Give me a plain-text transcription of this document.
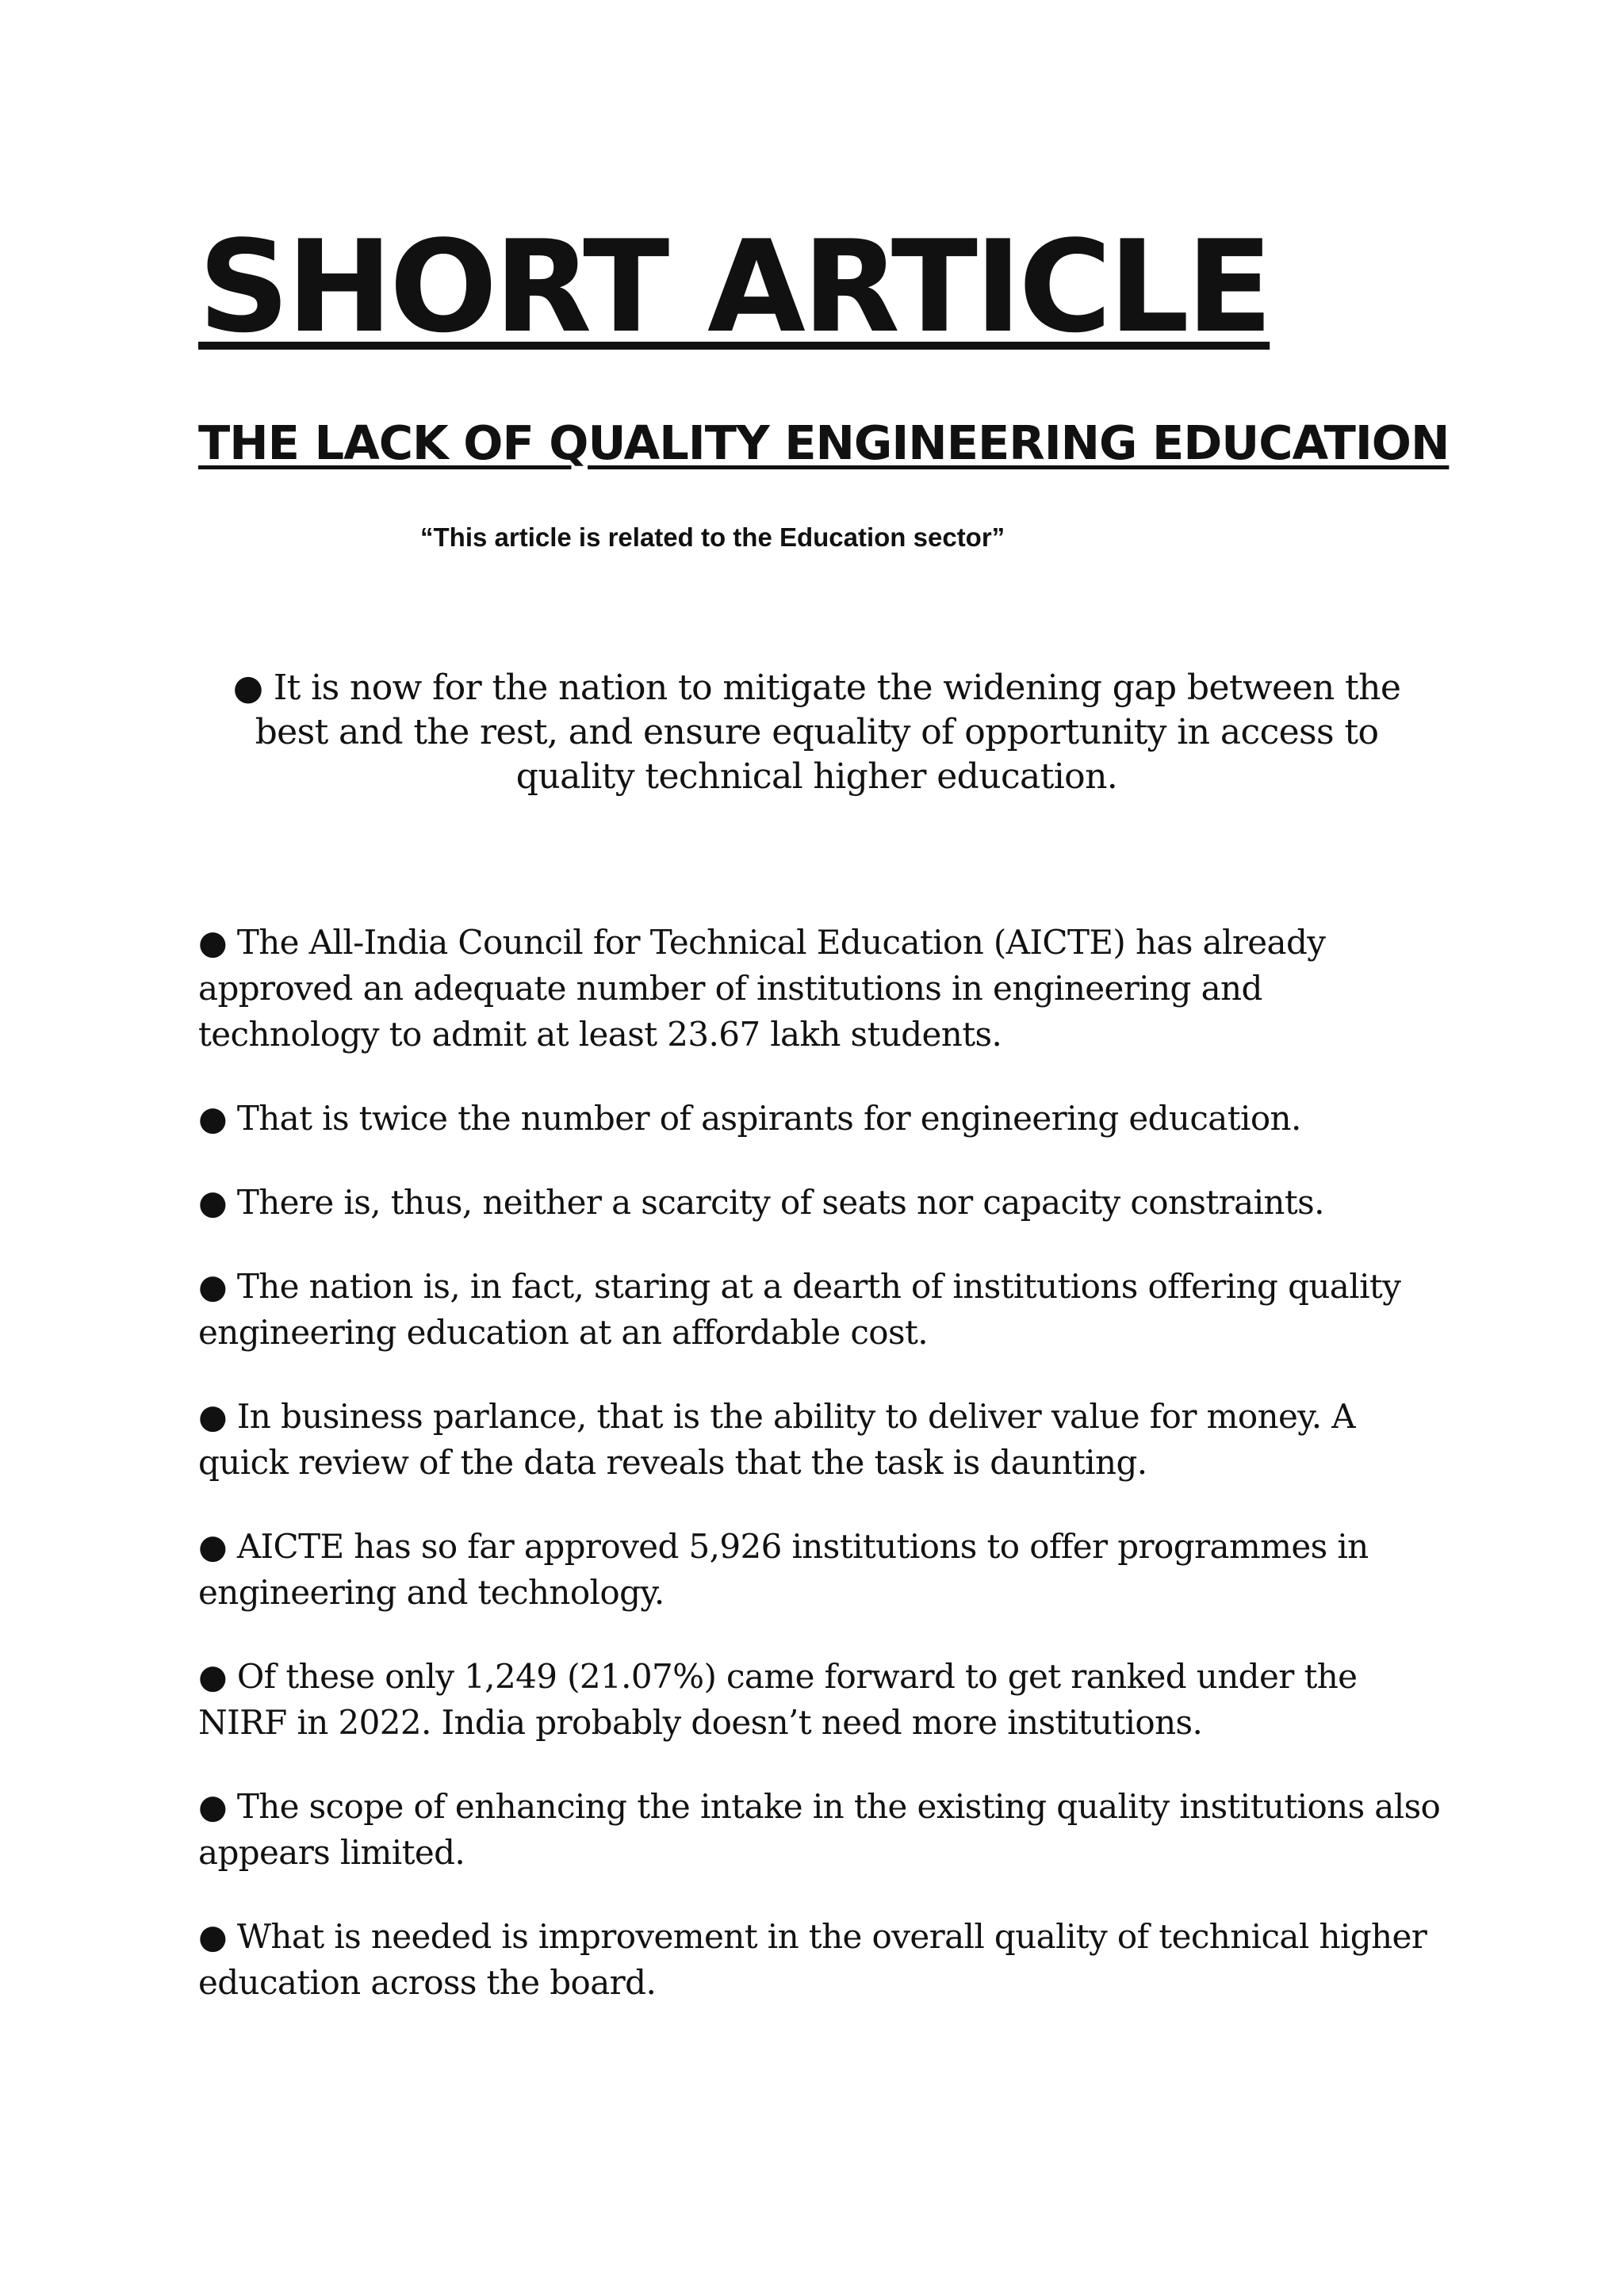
SHORT ARTICLE
THE LACK OF QUALITY ENGINEERING EDUCATION

“This article is related to the Education sector”

● It is now for the nation to mitigate the widening gap between the best and the rest, and ensure equality of opportunity in access to quality technical higher education.

● The All-India Council for Technical Education (AICTE) has already approved an adequate number of institutions in engineering and technology to admit at least 23.67 lakh students.
● That is twice the number of aspirants for engineering education.
● There is, thus, neither a scarcity of seats nor capacity constraints.
● The nation is, in fact, staring at a dearth of institutions offering quality engineering education at an affordable cost.
● In business parlance, that is the ability to deliver value for money. A quick review of the data reveals that the task is daunting.
● AICTE has so far approved 5,926 institutions to offer programmes in engineering and technology.
● Of these only 1,249 (21.07%) came forward to get ranked under the NIRF in 2022. India probably doesn’t need more institutions.
● The scope of enhancing the intake in the existing quality institutions also appears limited.
● What is needed is improvement in the overall quality of technical higher education across the board.
